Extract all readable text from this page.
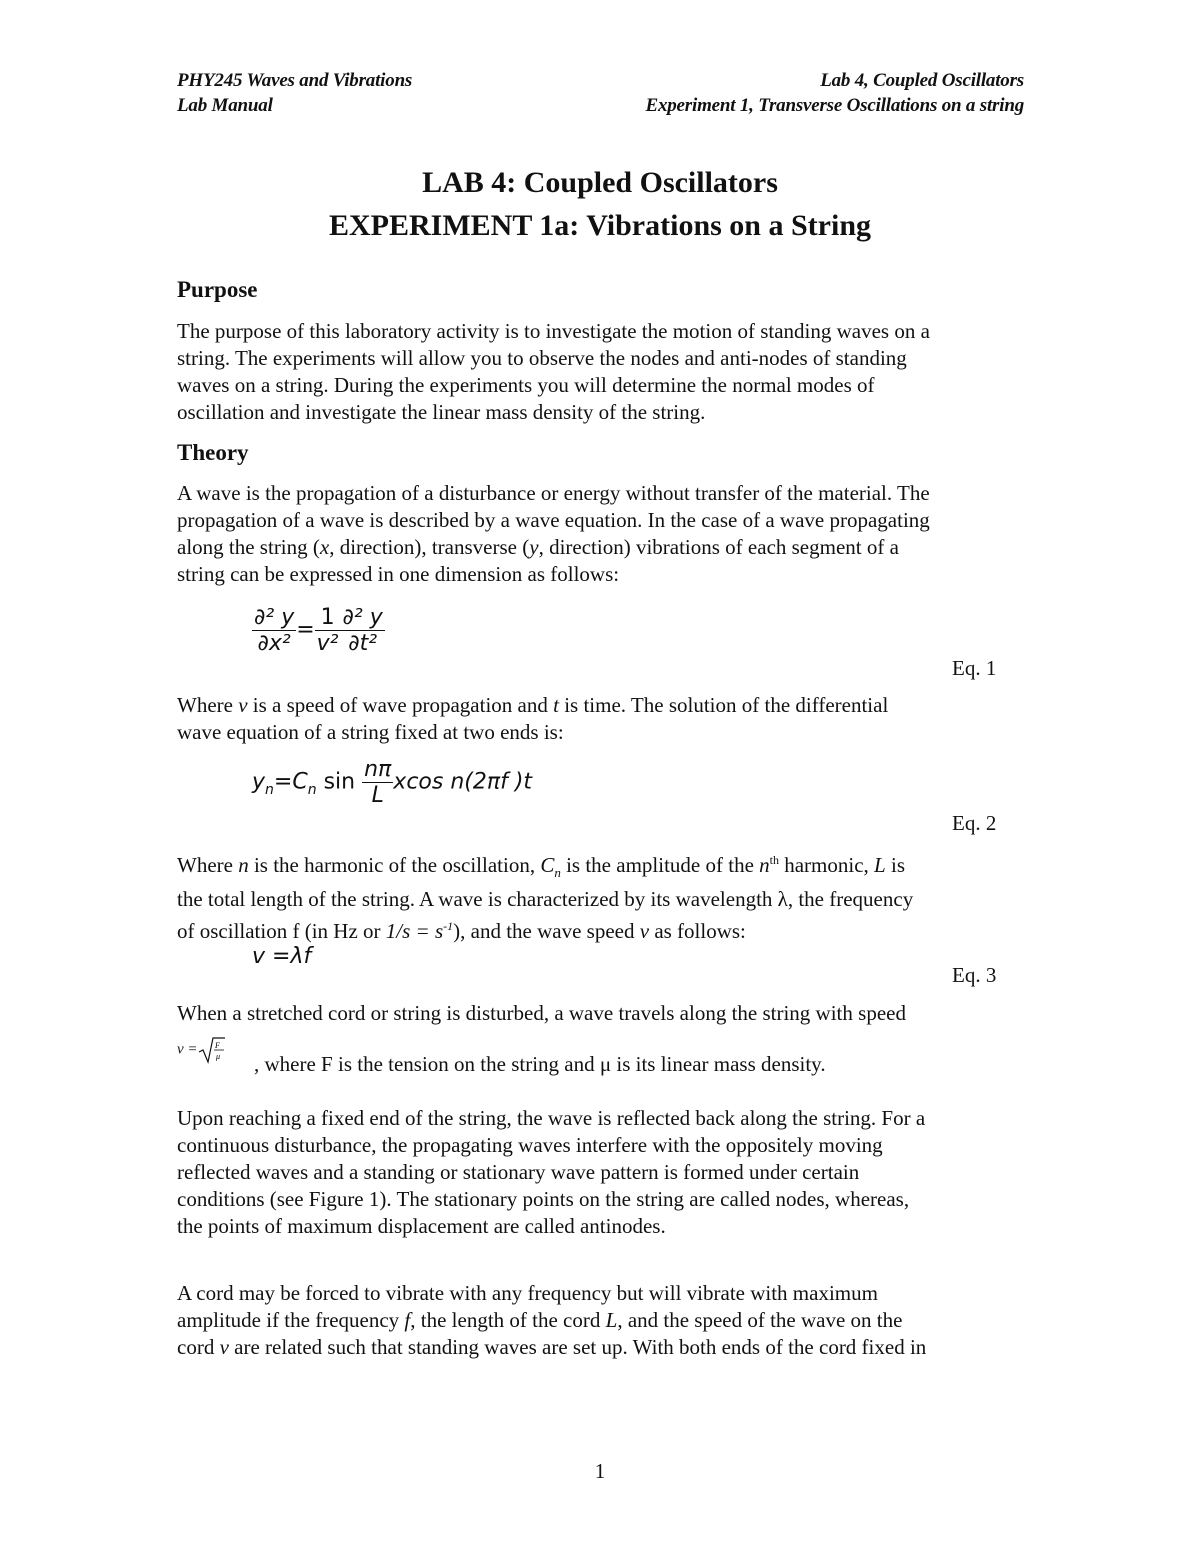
PHY245 Waves and Vibrations
Lab Manual
Lab 4, Coupled Oscillators
Experiment 1, Transverse Oscillations on a string
LAB 4: Coupled Oscillators
EXPERIMENT 1a: Vibrations on a String
Purpose
The purpose of this laboratory activity is to investigate the motion of standing waves on a
string. The experiments will allow you to observe the nodes and anti-nodes of standing
waves on a string. During the experiments you will determine the normal modes of
oscillation and investigate the linear mass density of the string.
Theory
A wave is the propagation of a disturbance or energy without transfer of the material. The
propagation of a wave is described by a wave equation. In the case of a wave propagating
along the string (x, direction), transverse (y, direction) vibrations of each segment of a
string can be expressed in one dimension as follows:
$\frac{\text{∂² y}}{\text{∂x²}} = \frac{1}{\text{v²}} \frac{\text{∂² y}}{\text{∂t²}}$
Eq. 1
Where v is a speed of wave propagation and t is time. The solution of the differential
wave equation of a string fixed at two ends is:
$y_n=C_n$ $\sin \frac{n\pi}{L}$ xcos n(2πf )t
Eq. 2
Where n is the harmonic of the oscillation, $C_n$ is the amplitude of the $n^{th}$ harmonic, L is
the total length of the string. A wave is characterized by its wavelength λ, the frequency
of oscillation f (in Hz or $1/s = s^{-1}$), and the wave speed v as follows:
v =λf
Eq. 3
When a stretched cord or string is disturbed, a wave travels along the string with speed
v = F
μ , where F is the tension on the string and μ is its linear mass density.
Upon reaching a fixed end of the string, the wave is reflected back along the string. For a
continuous disturbance, the propagating waves interfere with the oppositely moving
reflected waves and a standing or stationary wave pattern is formed under certain
conditions (see Figure 1). The stationary points on the string are called nodes, whereas,
the points of maximum displacement are called antinodes.
A cord may be forced to vibrate with any frequency but will vibrate with maximum
amplitude if the frequency f, the length of the cord L, and the speed of the wave on the
cord v are related such that standing waves are set up. With both ends of the cord fixed in
1
